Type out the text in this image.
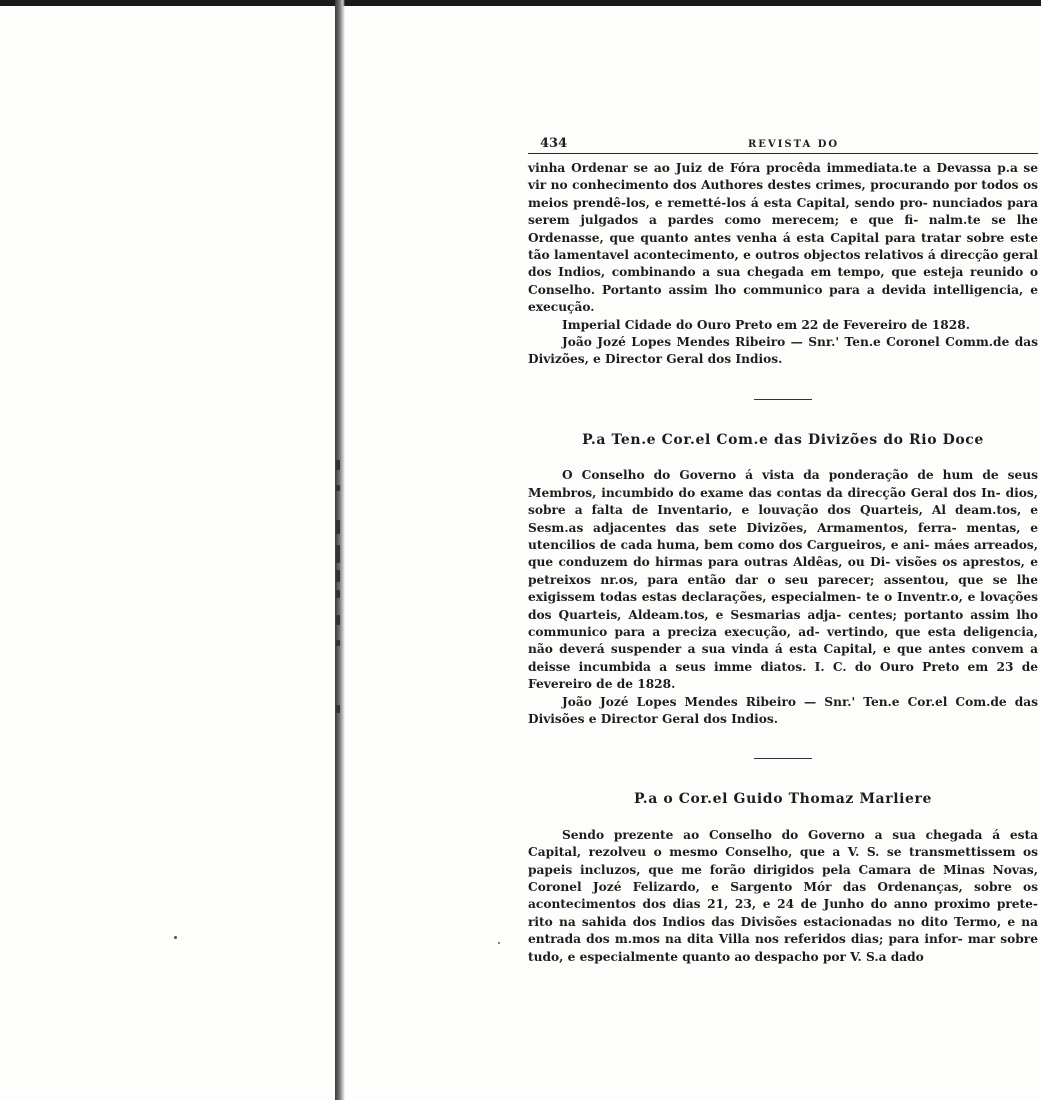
434	REVISTA DO

vinha Ordenar se ao Juiz de Fóra procêda immediata.te a Devassa p.a se vir no conhecimento dos Authores destes crimes, procurando por todos os meios prendê-los, e remetté-los á esta Capital, sendo pro- nunciados para serem julgados a pardes como merecem; e que fi- nalm.te se lhe Ordenasse, que quanto antes venha á esta Capital para tratar sobre este tão lamentavel acontecimento, e outros objectos relativos á direcção geral dos Indios, combinando a sua chegada em tempo, que esteja reunido o Conselho. Portanto assim lho communico para a devida intelligencia, e execução.

Imperial Cidade do Ouro Preto em 22 de Fevereiro de 1828.

João Jozé Lopes Mendes Ribeiro — Snr.' Ten.e Coronel Comm.de das Divizões, e Director Geral dos Indios.

P.a Ten.e Cor.el Com.e das Divizões do Rio Doce

O Conselho do Governo á vista da ponderação de hum de seus Membros, incumbido do exame das contas da direcção Geral dos In- dios, sobre a falta de Inventario, e louvação dos Quarteis, Al deam.tos, e Sesm.as adjacentes das sete Divizões, Armamentos, ferra- mentas, e utencilios de cada huma, bem como dos Cargueiros, e ani- máes arreados, que conduzem do hirmas para outras Aldêas, ou Di- visões os aprestos, e petreixos nr.os, para então dar o seu parecer; assentou, que se lhe exigissem todas estas declarações, especialmen- te o Inventr.o, e lovações dos Quarteis, Aldeam.tos, e Sesmarias adja- centes; portanto assim lho communico para a preciza execução, ad- vertindo, que esta deligencia, não deverá suspender a sua vinda á esta Capital, e que antes convem a deisse incumbida a seus imme diatos. I. C. do Ouro Preto em 23 de Fevereiro de de 1828.

João Jozé Lopes Mendes Ribeiro — Snr.' Ten.e Cor.el Com.de das Divisões e Director Geral dos Indios.

P.a o Cor.el Guido Thomaz Marliere

Sendo prezente ao Conselho do Governo a sua chegada á esta Capital, rezolveu o mesmo Conselho, que a V. S. se transmettissem os papeis incluzos, que me forão dirigidos pela Camara de Minas Novas, Coronel Jozé Felizardo, e Sargento Mór das Ordenanças, sobre os acontecimentos dos dias 21, 23, e 24 de Junho do anno proximo prete- rito na sahida dos Indios das Divisões estacionadas no dito Termo, e na entrada dos m.mos na dita Villa nos referidos dias; para infor- mar sobre tudo, e especialmente quanto ao despacho por V. S.a dado
